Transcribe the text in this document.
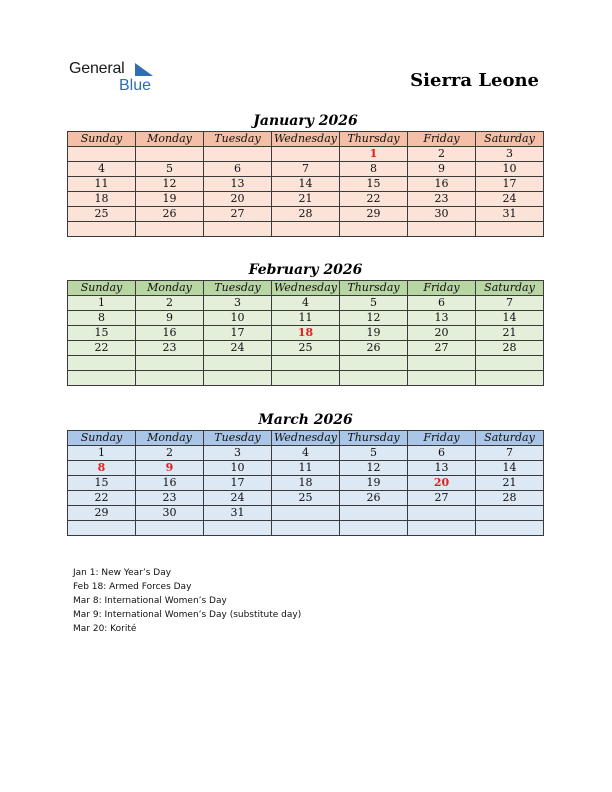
General
Blue	Sierra Leone
January 2026
Sunday	Monday	Tuesday	Wednesday	Thursday	Friday	Saturday
				1	2	3
4	5	6	7	8	9	10
11	12	13	14	15	16	17
18	19	20	21	22	23	24
25	26	27	28	29	30	31

February 2026
Sunday	Monday	Tuesday	Wednesday	Thursday	Friday	Saturday
1	2	3	4	5	6	7
8	9	10	11	12	13	14
15	16	17	18	19	20	21
22	23	24	25	26	27	28

March 2026
Sunday	Monday	Tuesday	Wednesday	Thursday	Friday	Saturday
1	2	3	4	5	6	7
8	9	10	11	12	13	14
15	16	17	18	19	20	21
22	23	24	25	26	27	28
29	30	31				

Jan 1: New Year’s Day
Feb 18: Armed Forces Day
Mar 8: International Women’s Day
Mar 9: International Women’s Day (substitute day)
Mar 20: Korité
